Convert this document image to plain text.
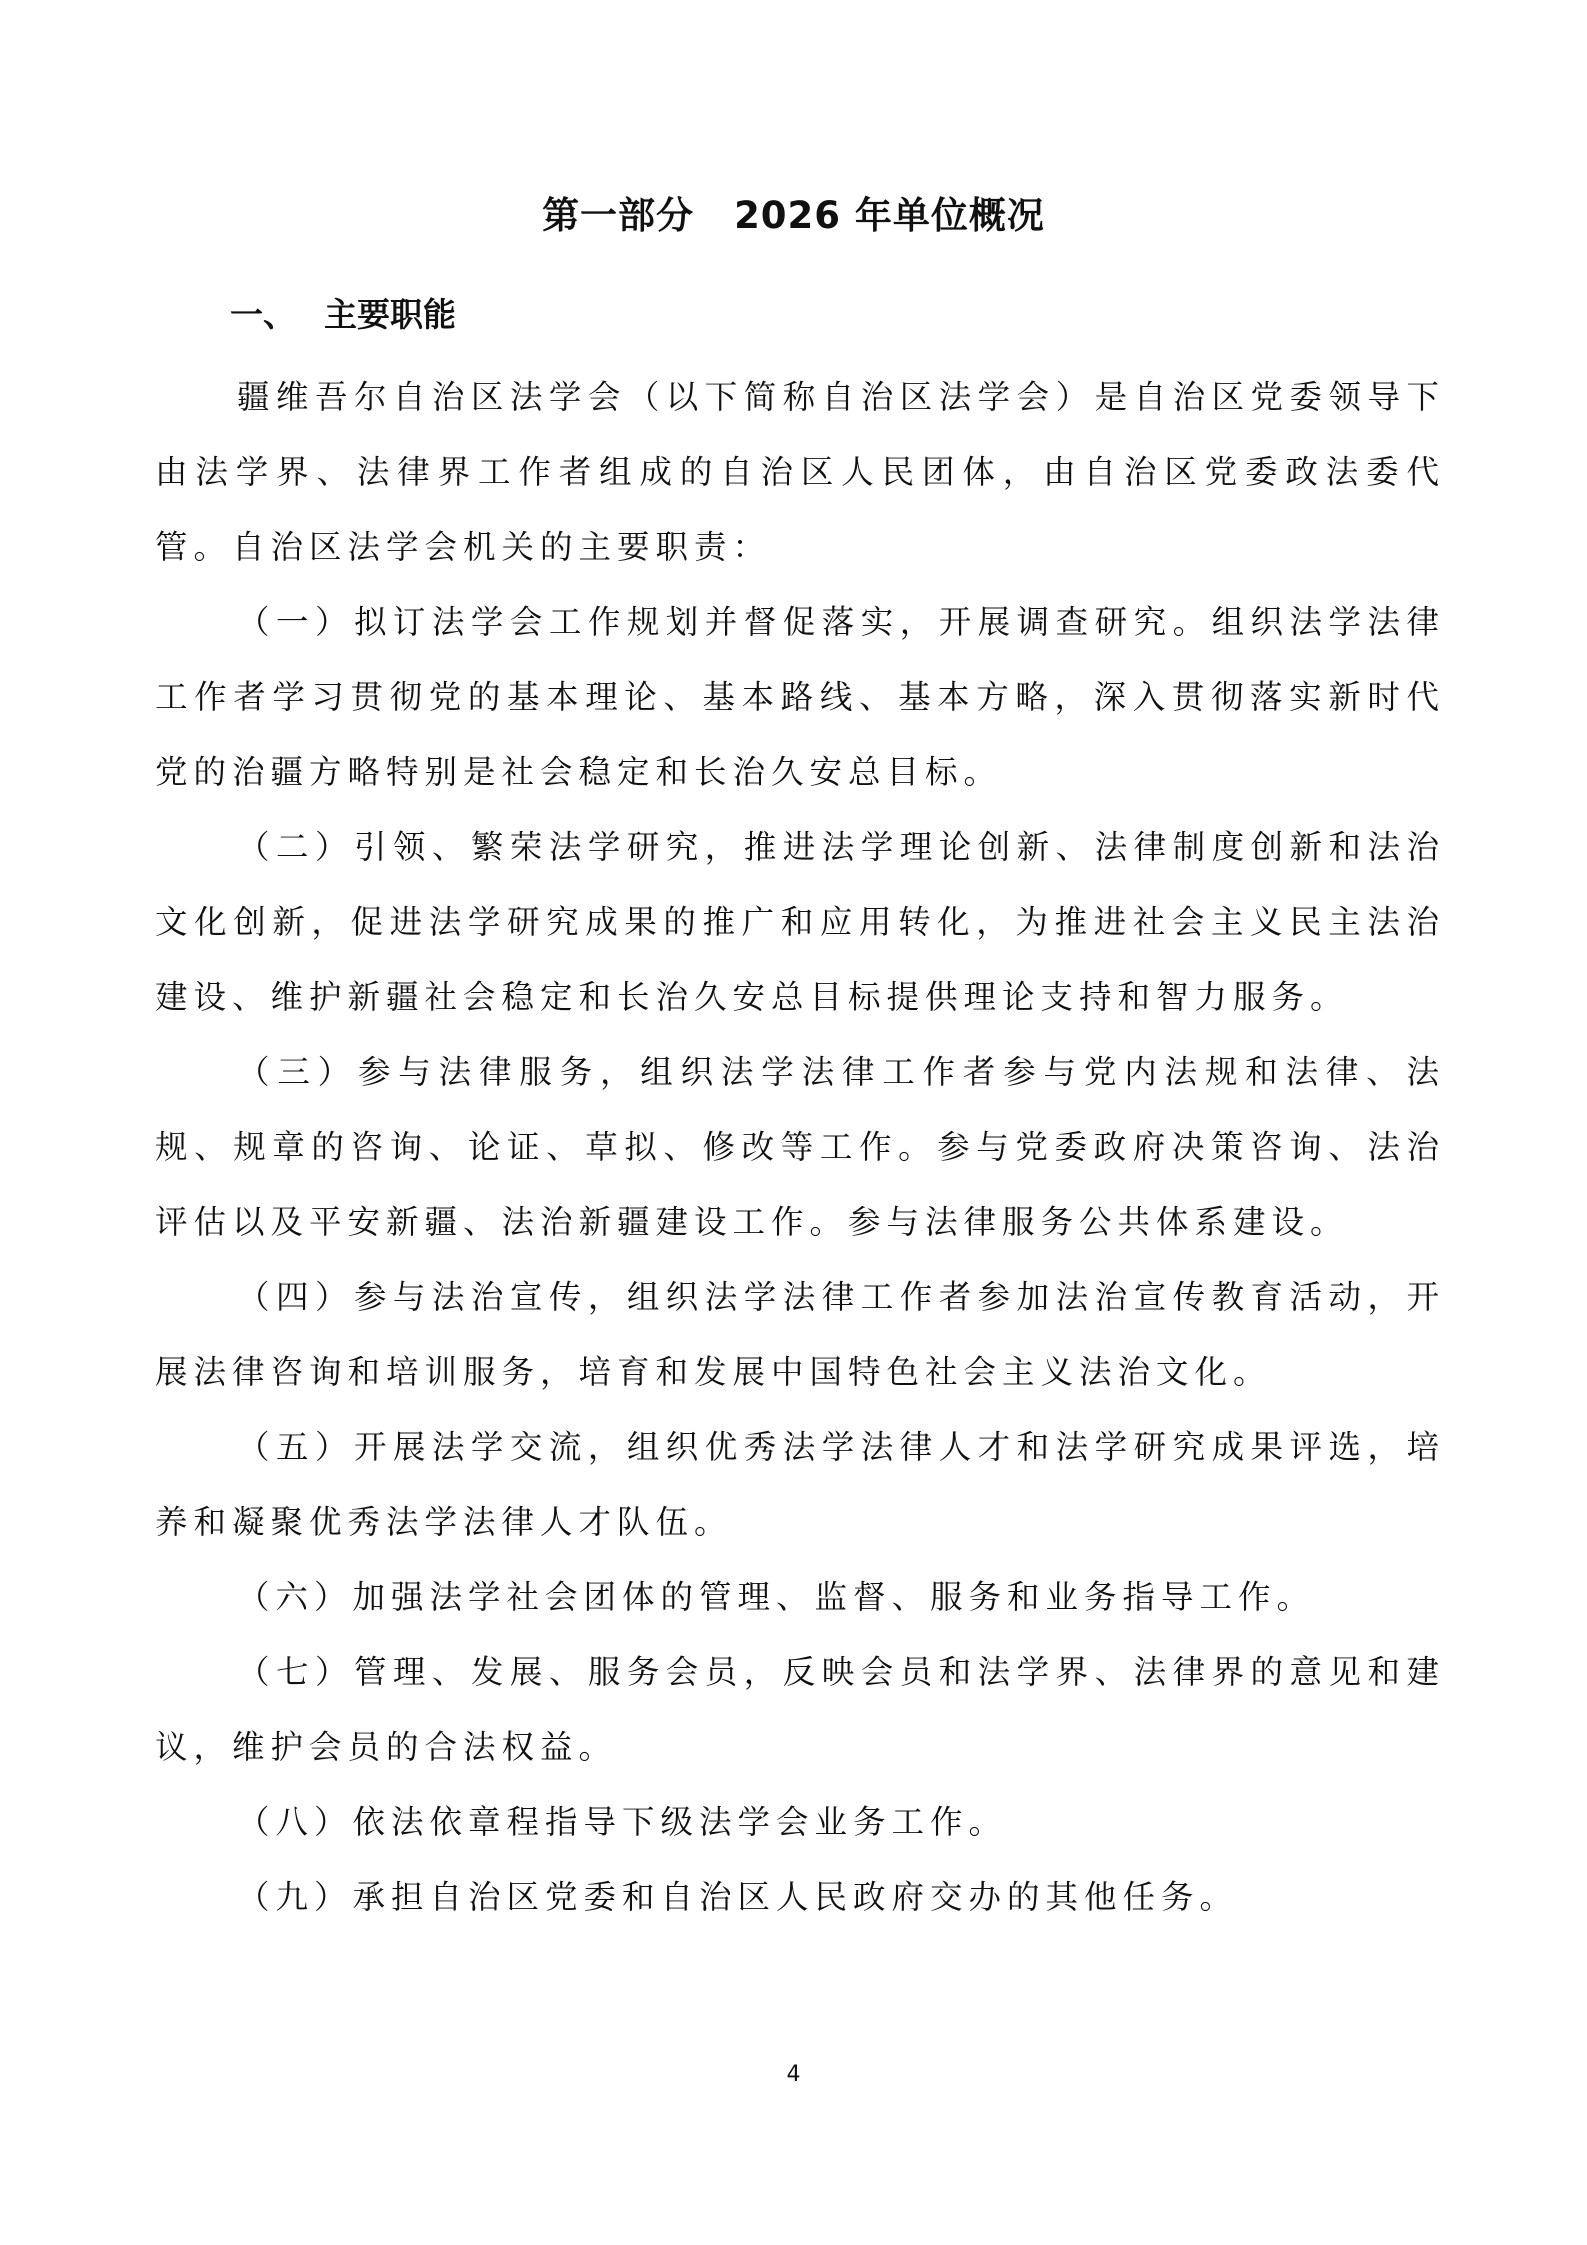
第一部分 2026 年单位概况
一、 主要职能

疆维吾尔自治区法学会（以下简称自治区法学会）是自治区党委领导下由法学界、法律界工作者组成的自治区人民团体，由自治区党委政法委代管。自治区法学会机关的主要职责：

（一）拟订法学会工作规划并督促落实，开展调查研究。组织法学法律工作者学习贯彻党的基本理论、基本路线、基本方略，深入贯彻落实新时代党的治疆方略特别是社会稳定和长治久安总目标。

（二）引领、繁荣法学研究，推进法学理论创新、法律制度创新和法治文化创新，促进法学研究成果的推广和应用转化，为推进社会主义民主法治建设、维护新疆社会稳定和长治久安总目标提供理论支持和智力服务。

（三）参与法律服务，组织法学法律工作者参与党内法规和法律、法规、规章的咨询、论证、草拟、修改等工作。参与党委政府决策咨询、法治评估以及平安新疆、法治新疆建设工作。参与法律服务公共体系建设。

（四）参与法治宣传，组织法学法律工作者参加法治宣传教育活动，开展法律咨询和培训服务，培育和发展中国特色社会主义法治文化。

（五）开展法学交流，组织优秀法学法律人才和法学研究成果评选，培养和凝聚优秀法学法律人才队伍。

（六）加强法学社会团体的管理、监督、服务和业务指导工作。

（七）管理、发展、服务会员，反映会员和法学界、法律界的意见和建议，维护会员的合法权益。

（八）依法依章程指导下级法学会业务工作。

（九）承担自治区党委和自治区人民政府交办的其他任务。

4
